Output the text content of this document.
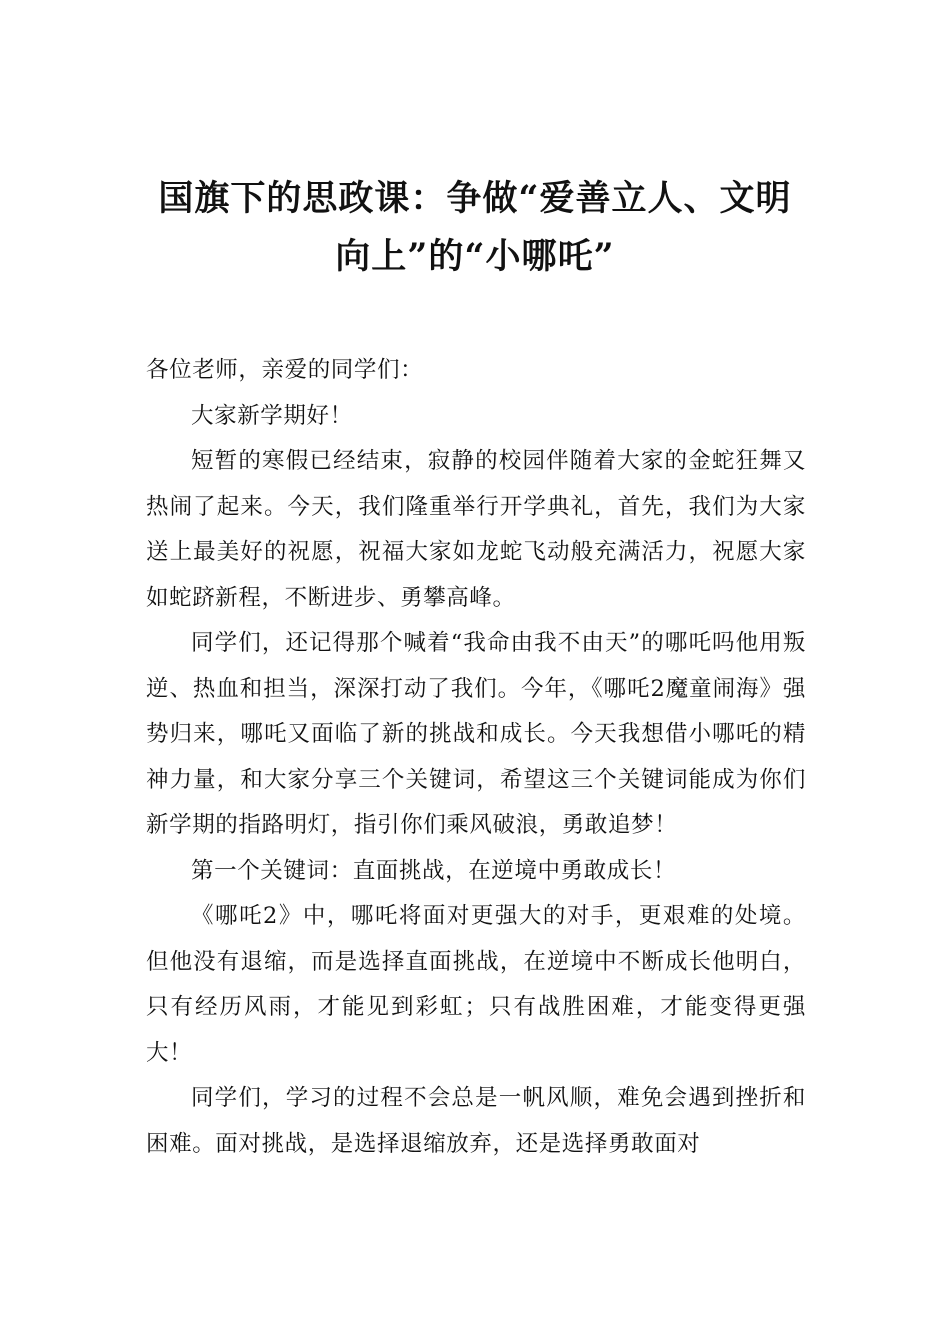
国旗下的思政课：争做“爱善立人、文明
向上”的“小哪吒”

各位老师，亲爱的同学们：

大家新学期好！

短暂的寒假已经结束，寂静的校园伴随着大家的金蛇狂舞又热闹了起来。今天，我们隆重举行开学典礼，首先，我们为大家送上最美好的祝愿，祝福大家如龙蛇飞动般充满活力，祝愿大家如蛇跻新程，不断进步、勇攀高峰。

同学们，还记得那个喊着“我命由我不由天”的哪吒吗他用叛逆、热血和担当，深深打动了我们。今年，《哪吒2魔童闹海》强势归来，哪吒又面临了新的挑战和成长。今天我想借小哪吒的精神力量，和大家分享三个关键词，希望这三个关键词能成为你们新学期的指路明灯，指引你们乘风破浪，勇敢追梦！

第一个关键词：直面挑战，在逆境中勇敢成长！

《哪吒2》中，哪吒将面对更强大的对手，更艰难的处境。但他没有退缩，而是选择直面挑战，在逆境中不断成长他明白，只有经历风雨，才能见到彩虹；只有战胜困难，才能变得更强大！

同学们，学习的过程不会总是一帆风顺，难免会遇到挫折和困难。面对挑战，是选择退缩放弃，还是选择勇敢面对
